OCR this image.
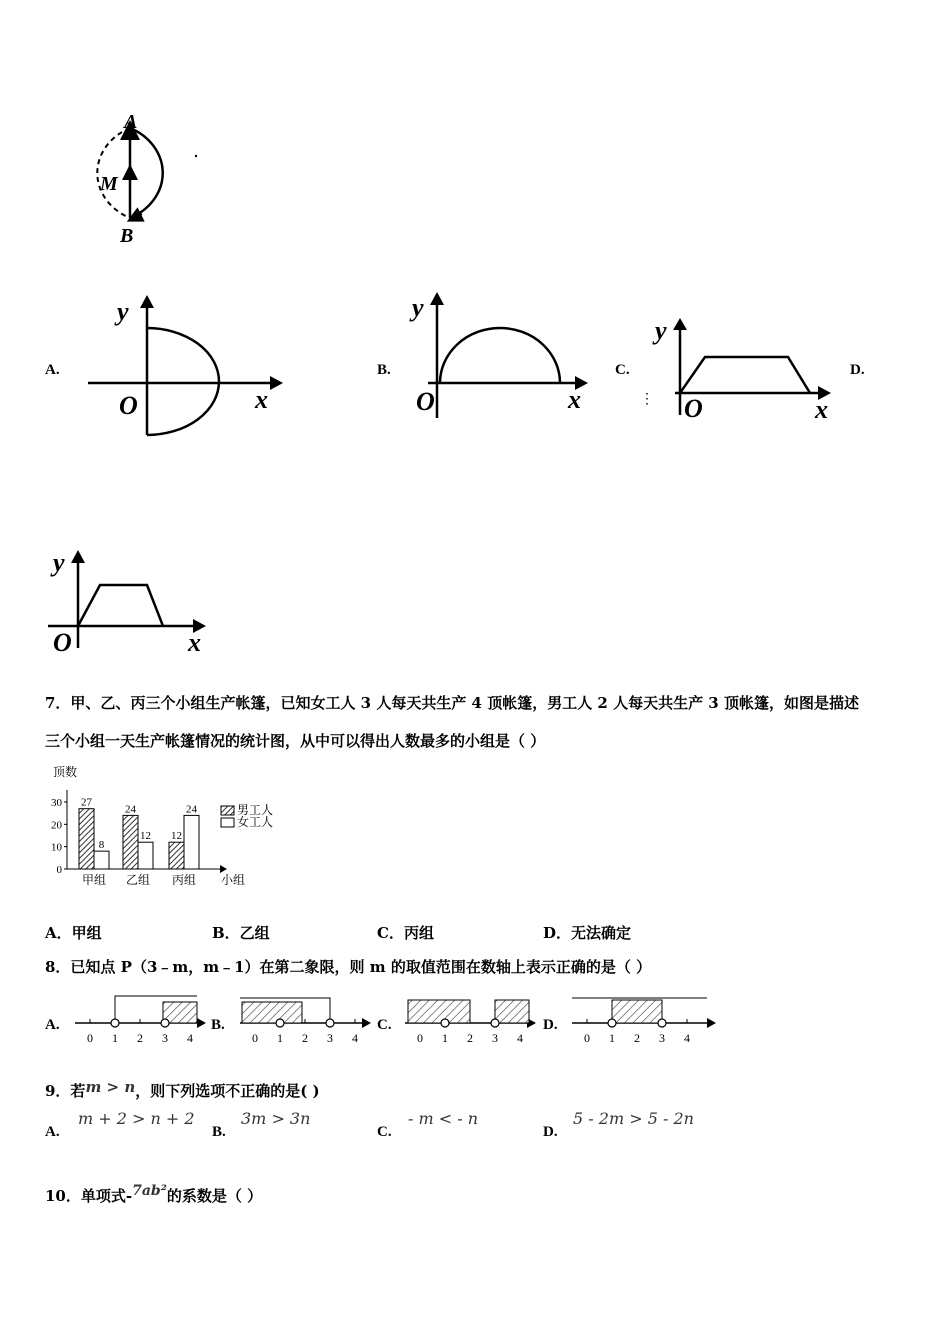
A
M
B
A.	B.	C.	D.
y
O	x
y
O	x	⋮
y
O	x
y
O	x
7．甲、乙、丙三个小组生产帐篷，已知女工人 3 人每天共生产 4 顶帐篷，男工人 2 人每天共生产 3 顶帐篷，如图是描述
三个小组一天生产帐篷情况的统计图，从中可以得出人数最多的小组是（ ）
顶数
0
10
20
30 27
8
甲组
24
12
乙组
12
24
丙组 小组
男工人
女工人
A．甲组	B．乙组	C．丙组	D．无法确定
8．已知点 P（3﹣m，m﹣1）在第二象限，则 m 的取值范围在数轴上表示正确的是（ ）
A.	B.	C.	D.
0 1 2 3 4	0 1 2 3 4	0 1 2 3 4	0 1 2 3 4
9．若m > n，则下列选项不正确的是( )
A.
m + 2 > n + 2
B.
3m > 3n
C.
- m < - n
D.
5 - 2m > 5 - 2n
10．单项式-7ab²的系数是（ ）
